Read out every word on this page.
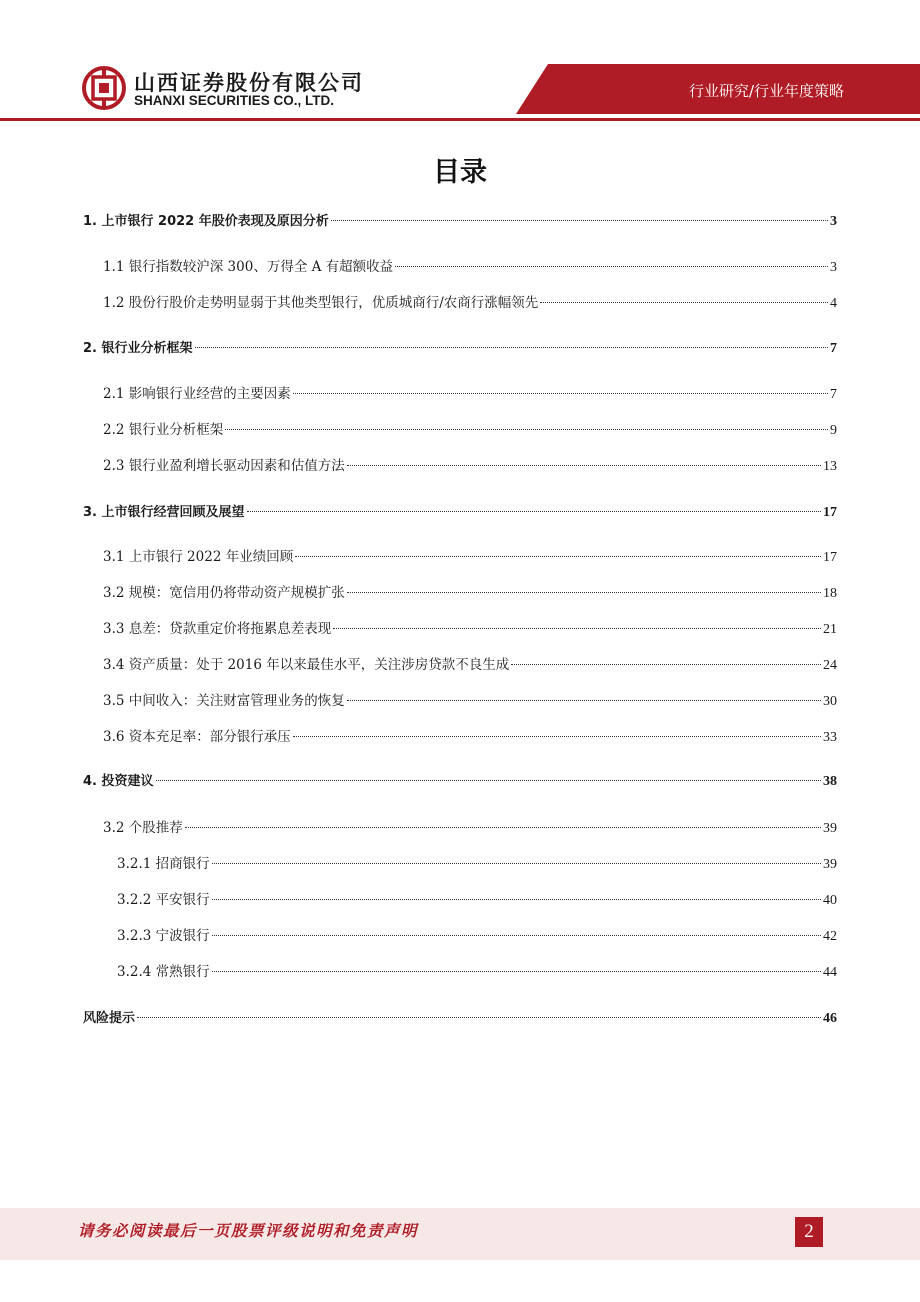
山西证券股份有限公司
SHANXI SECURITIES CO., LTD.
行业研究/行业年度策略
目录
1. 上市银行 2022 年股价表现及原因分析	3
1.1 银行指数较沪深 300、万得全 A 有超额收益	3
1.2 股份行股价走势明显弱于其他类型银行，优质城商行/农商行涨幅领先	4
2. 银行业分析框架	7
2.1 影响银行业经营的主要因素	7
2.2 银行业分析框架	9
2.3 银行业盈利增长驱动因素和估值方法	13
3. 上市银行经营回顾及展望	17
3.1 上市银行 2022 年业绩回顾	17
3.2 规模：宽信用仍将带动资产规模扩张	18
3.3 息差：贷款重定价将拖累息差表现	21
3.4 资产质量：处于 2016 年以来最佳水平，关注涉房贷款不良生成	24
3.5 中间收入：关注财富管理业务的恢复	30
3.6 资本充足率：部分银行承压	33
4. 投资建议	38
3.2 个股推荐	39
3.2.1 招商银行	39
3.2.2 平安银行	40
3.2.3 宁波银行	42
3.2.4 常熟银行	44
风险提示	46
请务必阅读最后一页股票评级说明和免责声明	2
